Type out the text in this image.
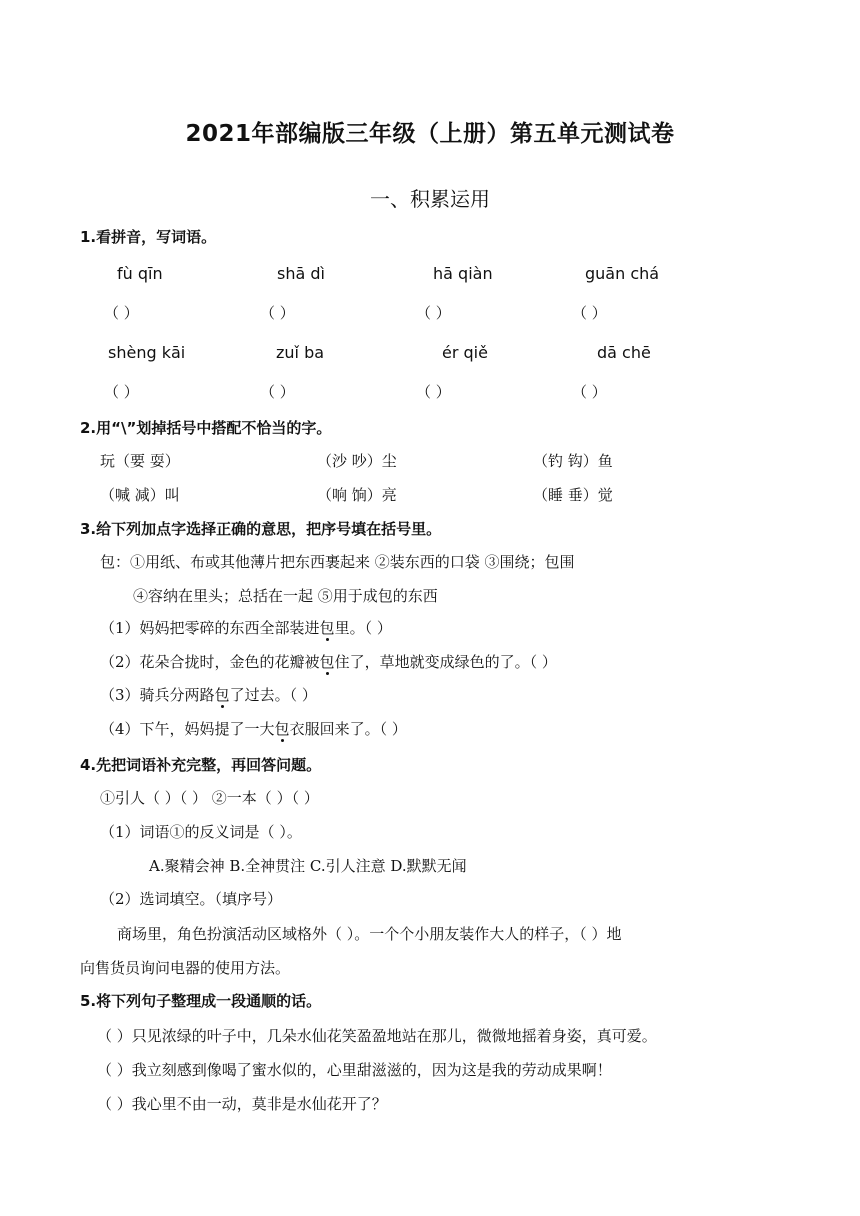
2021年部编版三年级（上册）第五单元测试卷
一、积累运用
1.看拼音，写词语。
fù qīn	shā dì	hā qiàn	guān chá
（ ）	（ ）	（ ）	（ ）
shèng kāi	zuǐ ba	ér qiě	dā chē
（ ）	（ ）	（ ）	（ ）
2.用“\”划掉括号中搭配不恰当的字。
玩（要 耍）	（沙 吵）尘	（钓 钩）鱼
（喊 减）叫	（响 饷）亮	（睡 垂）觉
3.给下列加点字选择正确的意思，把序号填在括号里。
包：①用纸、布或其他薄片把东西裹起来 ②装东西的口袋 ③围绕；包围
④容纳在里头；总括在一起 ⑤用于成包的东西
（1）妈妈把零碎的东西全部装进包里。（ ）
（2）花朵合拢时，金色的花瓣被包住了，草地就变成绿色的了。（ ）
（3）骑兵分两路包了过去。（ ）
（4）下午，妈妈提了一大包衣服回来了。（ ）
4.先把词语补充完整，再回答问题。
①引人（ ）（ ） ②一本（ ）（ ）
（1）词语①的反义词是（ ）。
A.聚精会神 B.全神贯注 C.引人注意 D.默默无闻
（2）选词填空。（填序号）
商场里，角色扮演活动区域格外（ ）。一个个小朋友装作大人的样子，（ ）地
向售货员询问电器的使用方法。
5.将下列句子整理成一段通顺的话。
（ ）只见浓绿的叶子中，几朵水仙花笑盈盈地站在那儿，微微地摇着身姿，真可爱。
（ ）我立刻感到像喝了蜜水似的，心里甜滋滋的，因为这是我的劳动成果啊！
（ ）我心里不由一动，莫非是水仙花开了？
